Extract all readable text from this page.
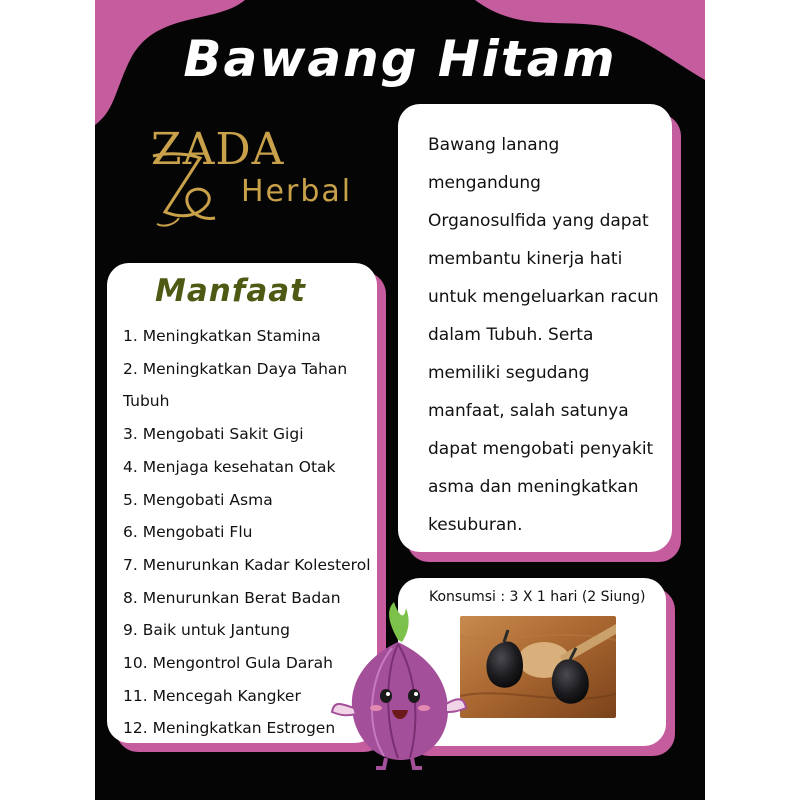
Bawang Hitam
ZADA
Herbal
Bawang lanang
mengandung
Organosulfida yang dapat
membantu kinerja hati
untuk mengeluarkan racun
dalam Tubuh. Serta
memiliki segudang
manfaat, salah satunya
dapat mengobati penyakit
asma dan meningkatkan
kesuburan.
Manfaat
1. Meningkatkan Stamina
2. Meningkatkan Daya Tahan
Tubuh
3. Mengobati Sakit Gigi
4. Menjaga kesehatan Otak
5. Mengobati Asma
6. Mengobati Flu
7. Menurunkan Kadar Kolesterol
8. Menurunkan Berat Badan
9. Baik untuk Jantung
10. Mengontrol Gula Darah
11. Mencegah Kangker
12. Meningkatkan Estrogen
Konsumsi : 3 X 1 hari (2 Siung)
